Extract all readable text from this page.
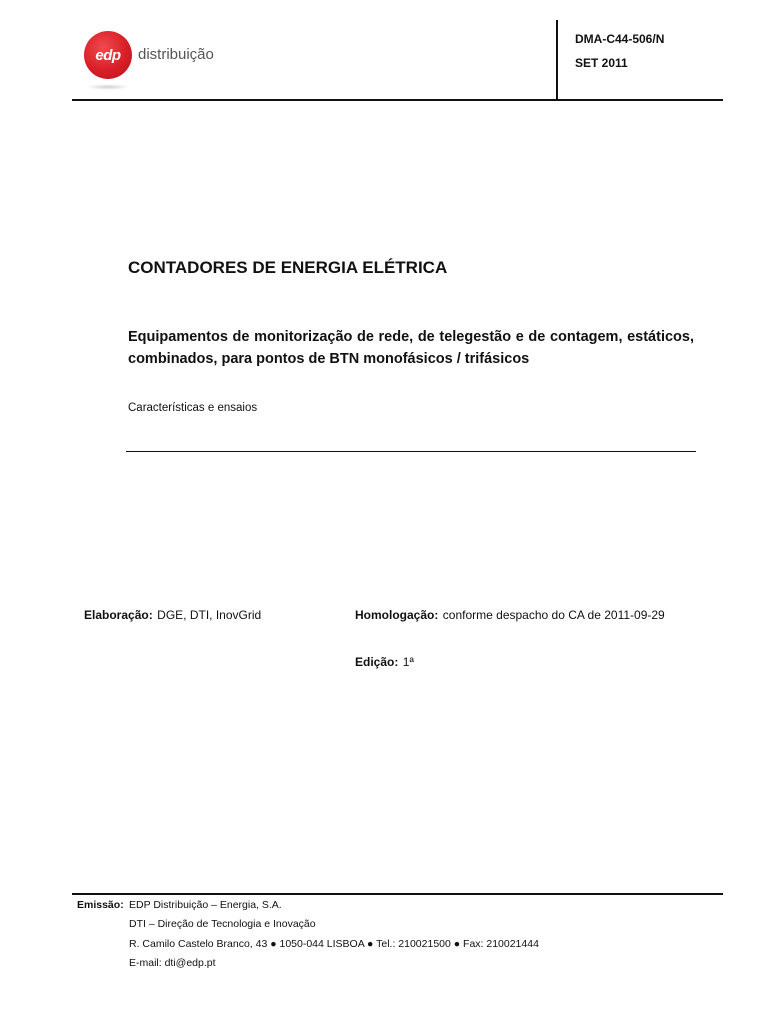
edp	distribuição
DMA-C44-506/N
SET 2011
CONTADORES DE ENERGIA ELÉTRICA
Equipamentos de monitorização de rede, de telegestão e de contagem, estáticos, combinados, para pontos de BTN monofásicos / trifásicos
Características e ensaios
Elaboração: DGE, DTI, InovGrid	Homologação: conforme despacho do CA de 2011-09-29
Edição: 1ª
Emissão: EDP Distribuição – Energia, S.A.
DTI – Direção de Tecnologia e Inovação
R. Camilo Castelo Branco, 43 ● 1050-044 LISBOA ● Tel.: 210021500 ● Fax: 210021444
E-mail: dti@edp.pt
